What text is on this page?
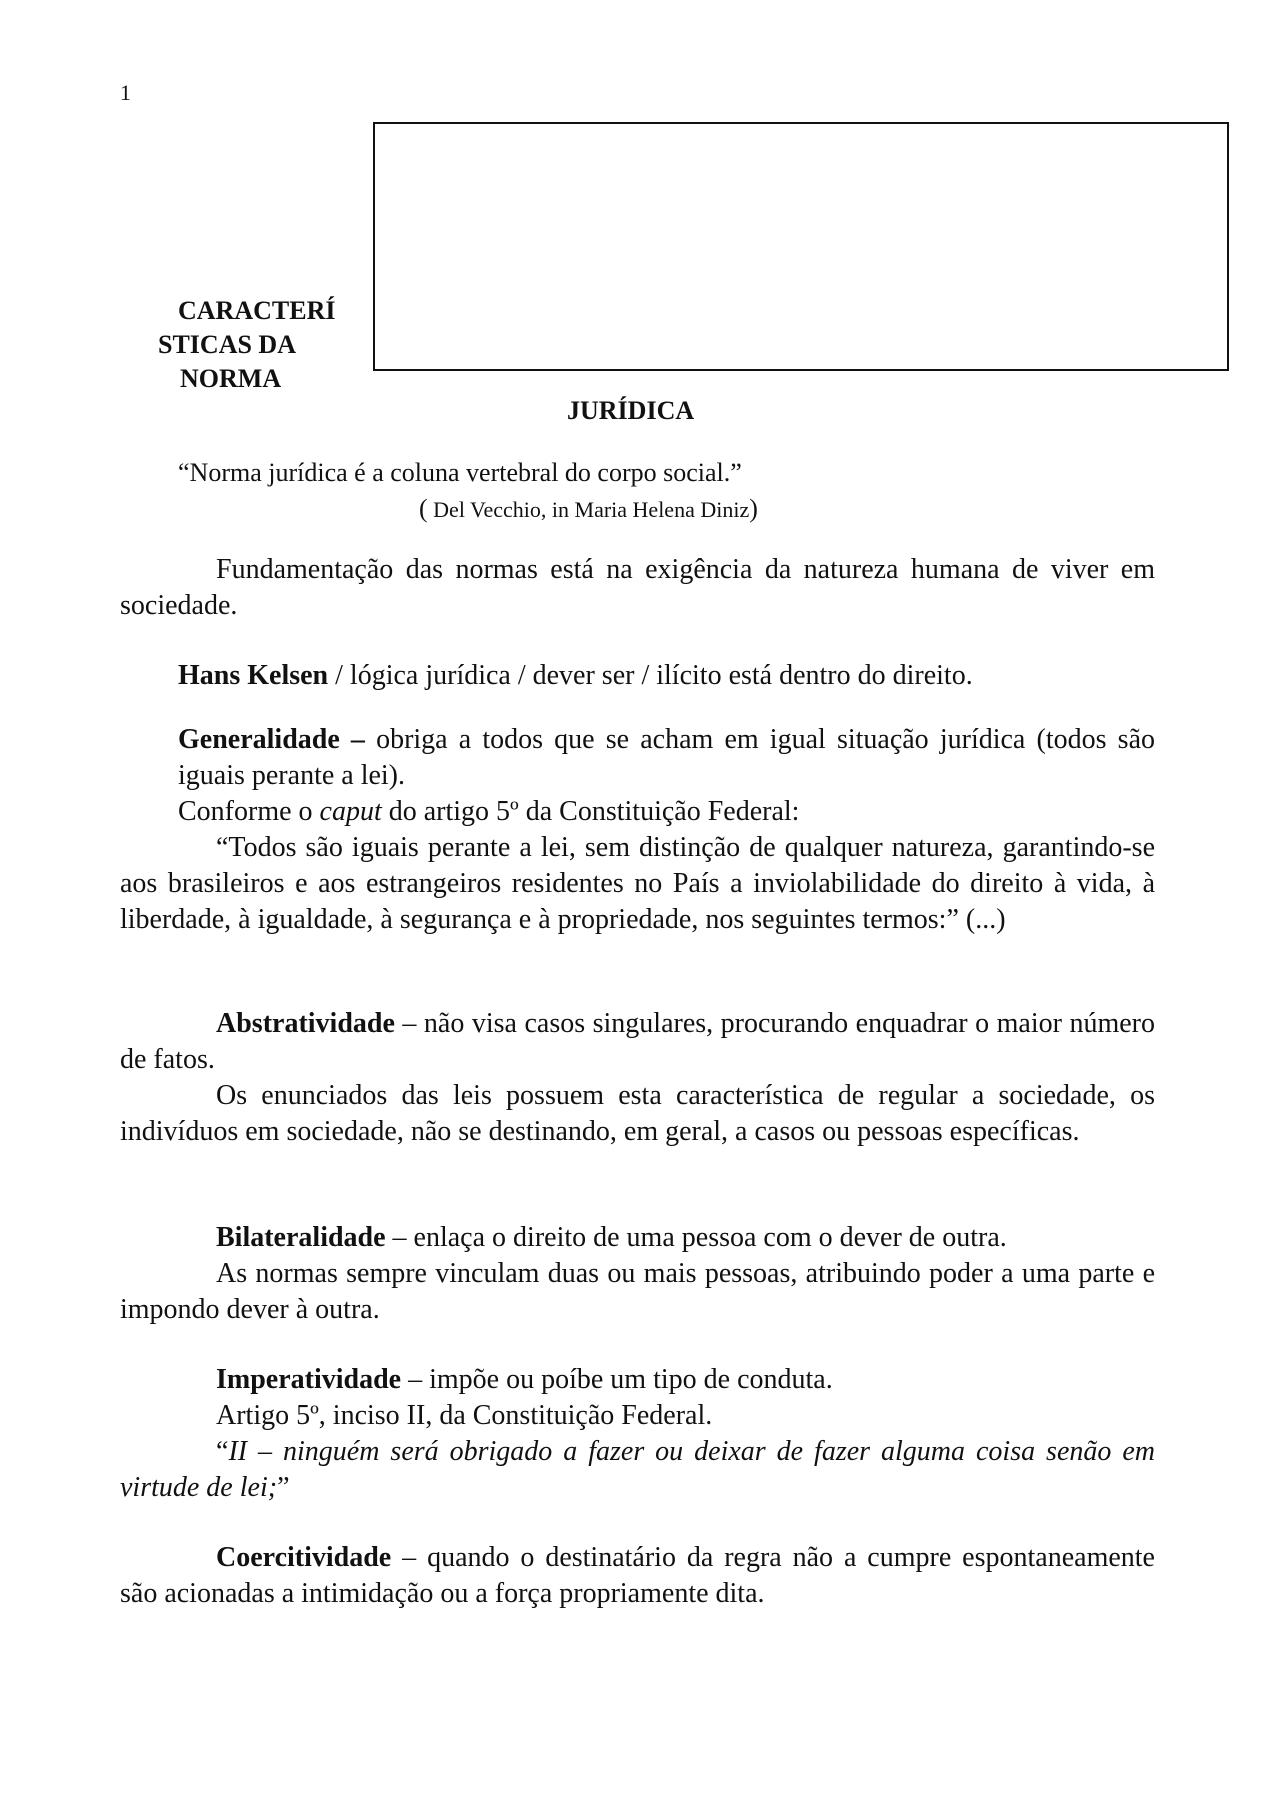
1
CARACTERÍ
STICAS DA
NORMA
JURÍDICA
“Norma jurídica é a coluna vertebral do corpo social.”
( Del Vecchio, in Maria Helena Diniz)

Fundamentação das normas está na exigência da natureza humana de viver em sociedade.

Hans Kelsen / lógica jurídica / dever ser / ilícito está dentro do direito.

Generalidade – obriga a todos que se acham em igual situação jurídica (todos são iguais perante a lei).

Conforme o caput do artigo 5º da Constituição Federal:

“Todos são iguais perante a lei, sem distinção de qualquer natureza, garantindo-se aos brasileiros e aos estrangeiros residentes no País a inviolabilidade do direito à vida, à liberdade, à igualdade, à segurança e à propriedade, nos seguintes termos:” (...)

Abstratividade – não visa casos singulares, procurando enquadrar o maior número de fatos.

Os enunciados das leis possuem esta característica de regular a sociedade, os indivíduos em sociedade, não se destinando, em geral, a casos ou pessoas específicas.

Bilateralidade – enlaça o direito de uma pessoa com o dever de outra.

As normas sempre vinculam duas ou mais pessoas, atribuindo poder a uma parte e impondo dever à outra.

Imperatividade – impõe ou poíbe um tipo de conduta.

Artigo 5º, inciso II, da Constituição Federal.

“II – ninguém será obrigado a fazer ou deixar de fazer alguma coisa senão em virtude de lei;”

Coercitividade – quando o destinatário da regra não a cumpre espontaneamente são acionadas a intimidação ou a força propriamente dita.
